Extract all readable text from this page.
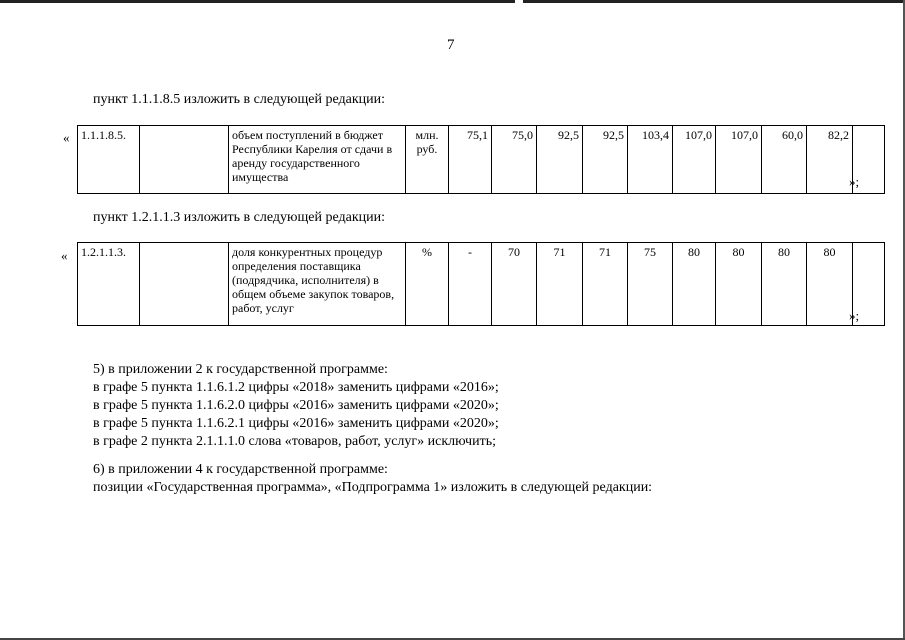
7
пункт 1.1.1.8.5 изложить в следующей редакции:
« 1.1.1.8.5.		объем поступлений в бюджет Республики Карелия от сдачи в аренду государственного имущества	млн. руб.	75,1	75,0	92,5	92,5	103,4	107,0	107,0	60,0	82,2	
»;
пункт 1.2.1.1.3 изложить в следующей редакции:
« 1.2.1.1.3.		доля конкурентных процедур определения поставщика (подрядчика, исполнителя) в общем объеме закупок товаров, работ, услуг	%	-	70	71	71	75	80	80	80	80	
»;
5) в приложении 2 к государственной программе:
в графе 5 пункта 1.1.6.1.2 цифры «2018» заменить цифрами «2016»;
в графе 5 пункта 1.1.6.2.0 цифры «2016» заменить цифрами «2020»;
в графе 5 пункта 1.1.6.2.1 цифры «2016» заменить цифрами «2020»;
в графе 2 пункта 2.1.1.1.0 слова «товаров, работ, услуг» исключить;
6) в приложении 4 к государственной программе:
позиции «Государственная программа», «Подпрограмма 1» изложить в следующей редакции:
